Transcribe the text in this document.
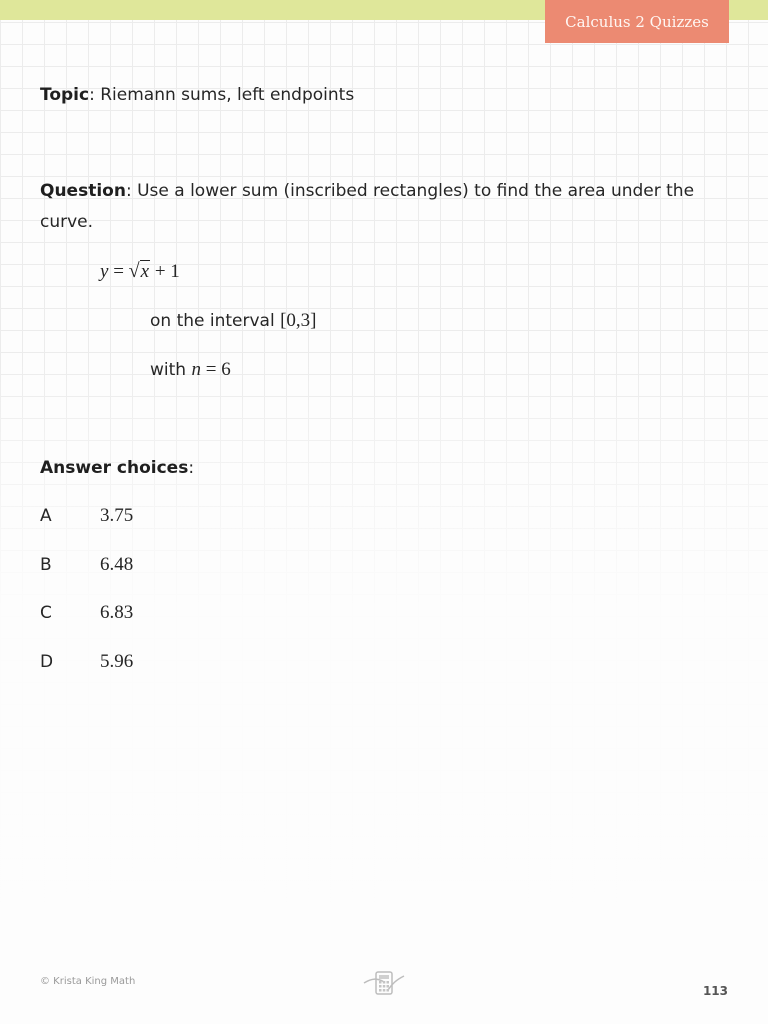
Calculus 2 Quizzes
Topic: Riemann sums, left endpoints
Question: Use a lower sum (inscribed rectangles) to find the area under the
curve.
y = √x + 1
on the interval [0,3]
with n = 6
Answer choices:
A	3.75
B	6.48
C	6.83
D 5.96
© Krista King Math
113
